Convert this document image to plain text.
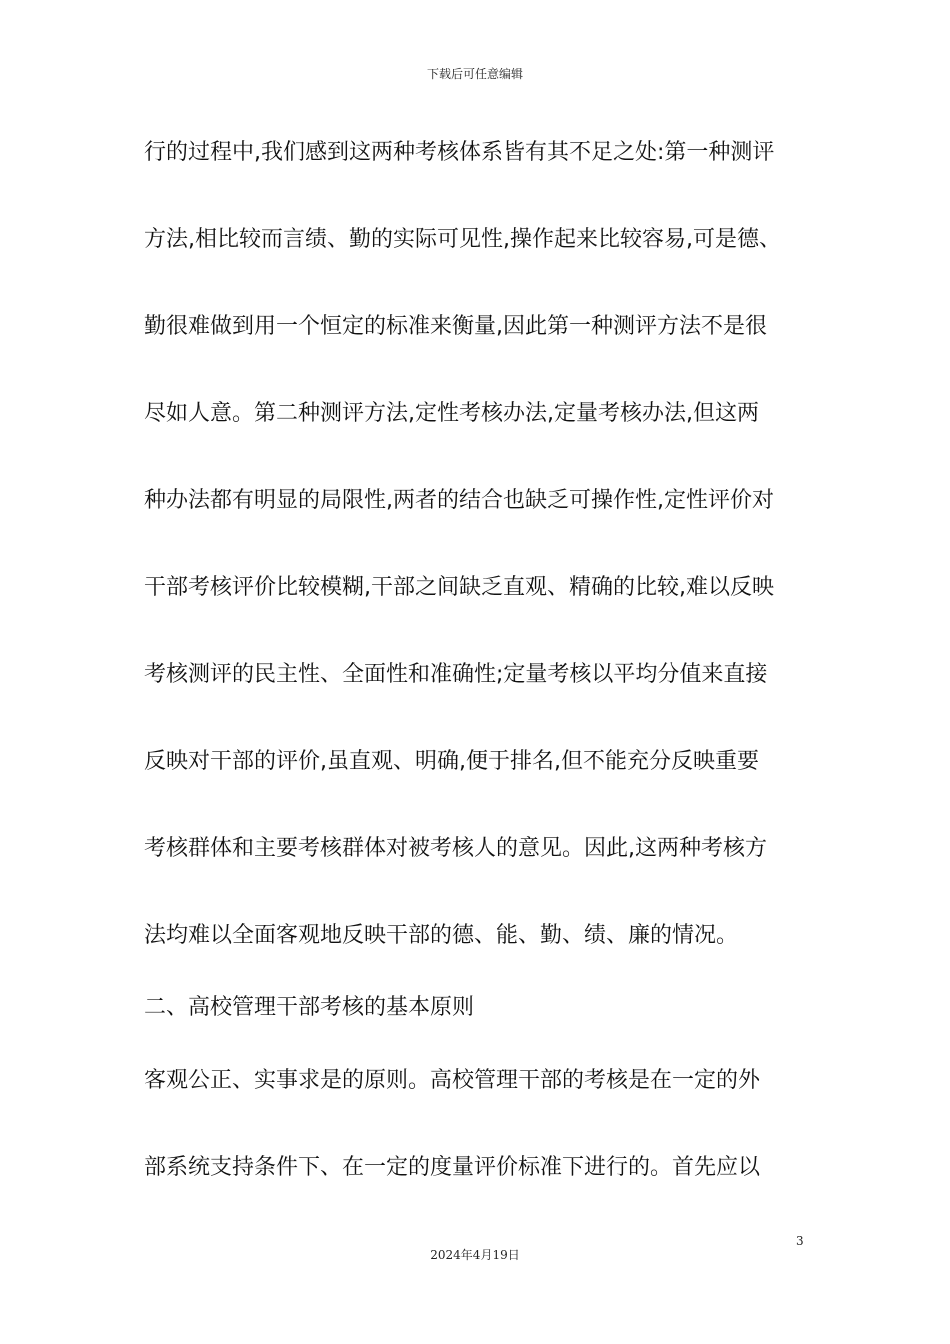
下载后可任意编辑
行的过程中,我们感到这两种考核体系皆有其不足之处:第一种测评
方法,相比较而言绩、勤的实际可见性,操作起来比较容易,可是德、
勤很难做到用一个恒定的标准来衡量,因此第一种测评方法不是很
尽如人意。第二种测评方法,定性考核办法,定量考核办法,但这两
种办法都有明显的局限性,两者的结合也缺乏可操作性,定性评价对
干部考核评价比较模糊,干部之间缺乏直观、精确的比较,难以反映
考核测评的民主性、全面性和准确性;定量考核以平均分值来直接
反映对干部的评价,虽直观、明确,便于排名,但不能充分反映重要
考核群体和主要考核群体对被考核人的意见。因此,这两种考核方
法均难以全面客观地反映干部的德、能、勤、绩、廉的情况。
二、高校管理干部考核的基本原则
客观公正、实事求是的原则。高校管理干部的考核是在一定的外
部系统支持条件下、在一定的度量评价标准下进行的。首先应以
3
2024年4月19日
